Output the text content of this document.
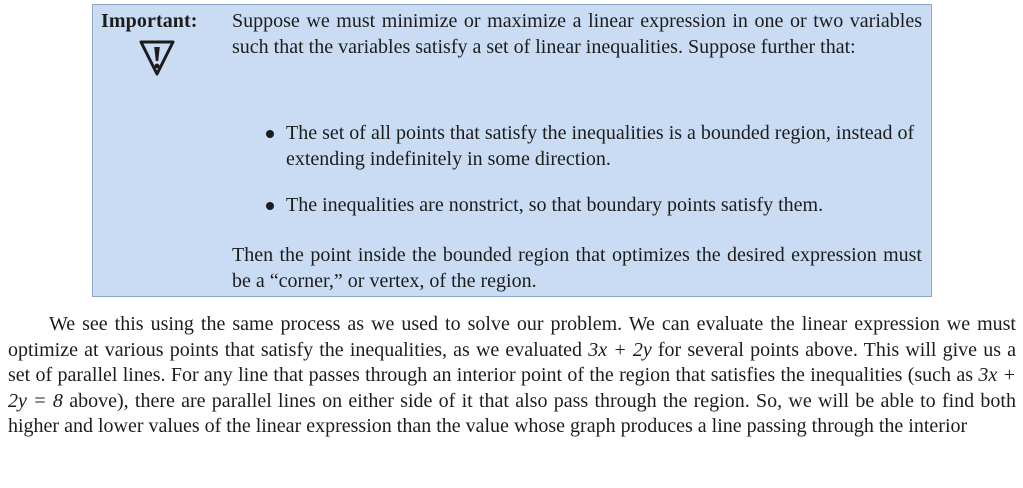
Important: Suppose we must minimize or maximize a linear expression in one or two variables such that the variables satisfy a set of linear inequalities. Suppose further that:

The set of all points that satisfy the inequalities is a bounded region, instead of extending indefinitely in some direction.
The inequalities are nonstrict, so that boundary points satisfy them.

Then the point inside the bounded region that optimizes the desired expression must be a “corner,” or vertex, of the region.

We see this using the same process as we used to solve our problem. We can evaluate the linear expression we must optimize at various points that satisfy the inequalities, as we evaluated 3x + 2y for several points above. This will give us a set of parallel lines. For any line that passes through an interior point of the region that satisfies the inequalities (such as 3x + 2y = 8 above), there are parallel lines on either side of it that also pass through the region. So, we will be able to find both higher and lower values of the linear expression than the value whose graph produces a line passing through the interior
